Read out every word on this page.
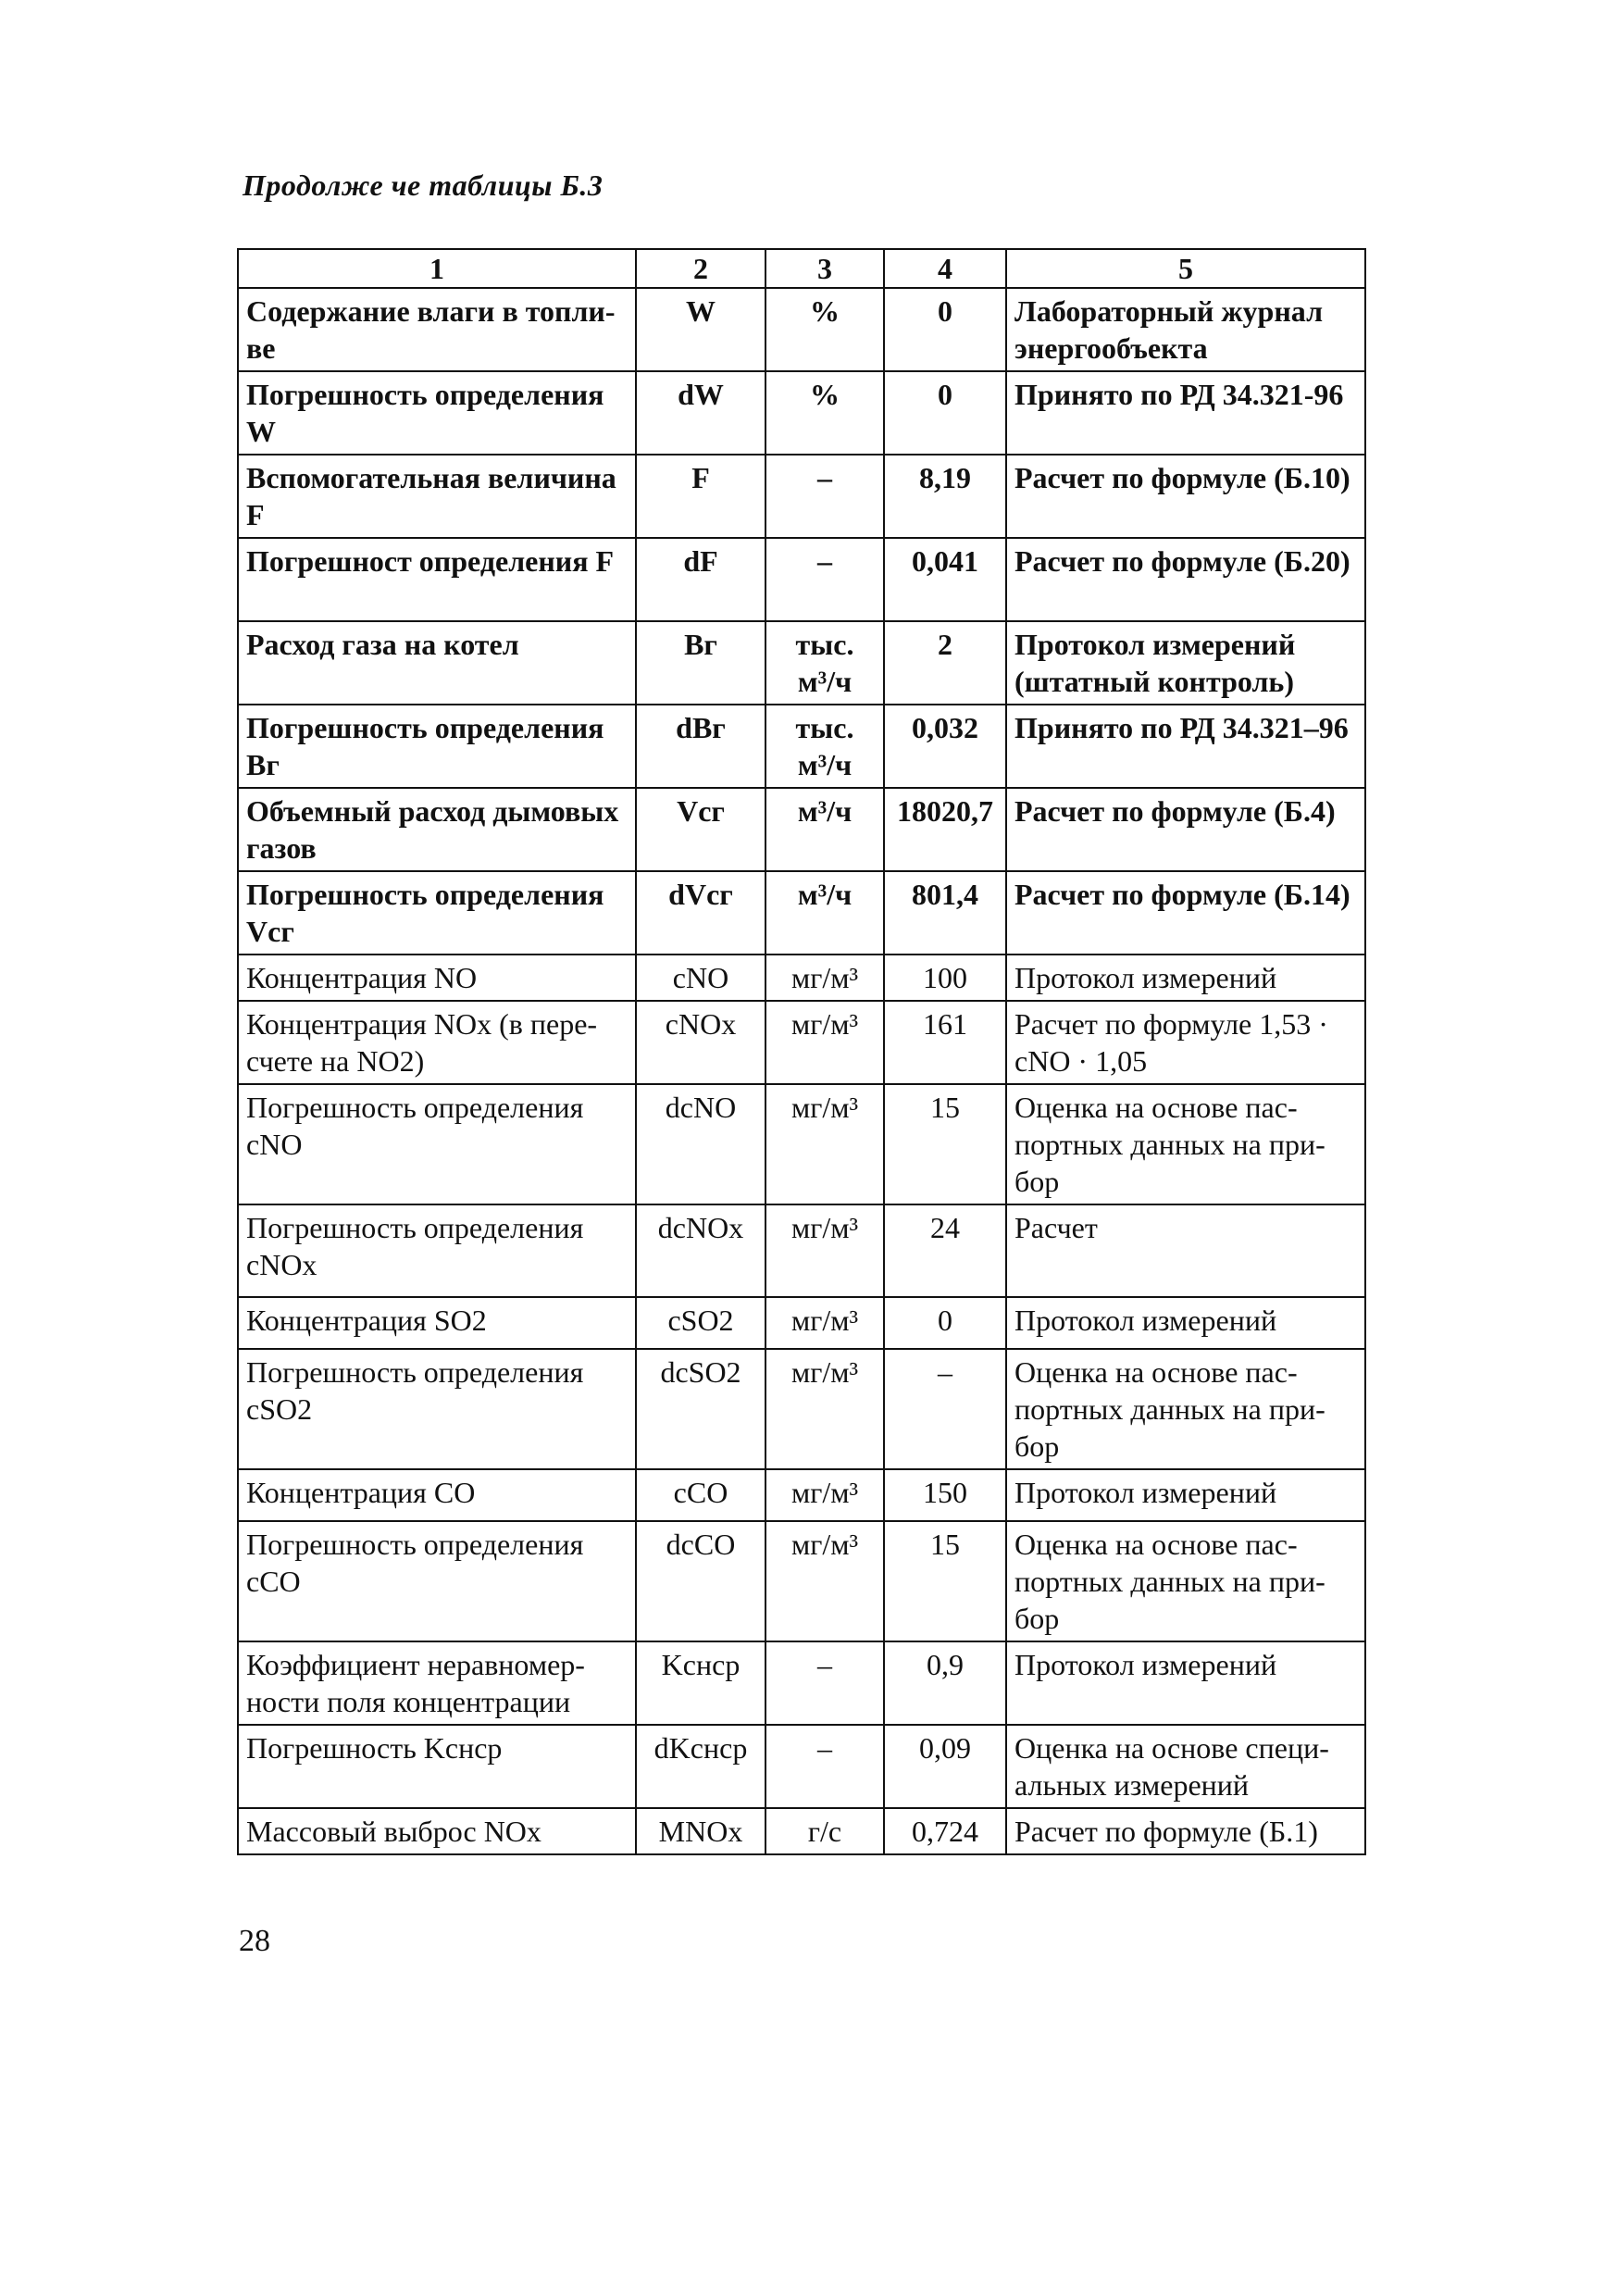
Продолже че таблицы Б.3
1	2	3	4	5
Содержание влаги в топли-ве	W	%	0	Лабораторный журнал энергообъекта
Погрешность определения W	dW	%	0	Принято по РД 34.321-96
Вспомогательная величина F	F	–	8,19	Расчет по формуле (Б.10)
Погрешност определения F	dF	–	0,041	Расчет по формуле (Б.20)
Расход газа на котел	Bг	тыс. м³/ч	2	Протокол измерений (штатный контроль)
Погрешность определения Bг	dBг	тыс. м³/ч	0,032	Принято по РД 34.321–96
Объемный расход дымовых газов	Vсг	м³/ч	18020,7	Расчет по формуле (Б.4)
Погрешность определения Vсг	dVсг	м³/ч	801,4	Расчет по формуле (Б.14)
Концентрация NO	cNO	мг/м³	100	Протокол измерений
Концентрация NOx (в пере-счете на NO2)	cNOx	мг/м³	161	Расчет по формуле 1,53 · cNO · 1,05
Погрешность определения cNO	dcNO	мг/м³	15	Оценка на основе пас-портных данных на при-бор
Погрешность определения cNOx	dcNOx	мг/м³	24	Расчет
Концентрация SO2	cSO2	мг/м³	0	Протокол измерений
Погрешность определения cSO2	dcSO2	мг/м³	–	Оценка на основе пас-портных данных на при-бор
Концентрация CO	cCO	мг/м³	150	Протокол измерений
Погрешность определения cCO	dcCO	мг/м³	15	Оценка на основе пас-портных данных на при-бор
Коэффициент неравномер-ности поля концентрации	Kcнср	–	0,9	Протокол измерений
Погрешность Kcнср	dKcнср	–	0,09	Оценка на основе специ-альных измерений
Массовый выброс NOx	MNOx	г/с	0,724	Расчет по формуле (Б.1)
28
